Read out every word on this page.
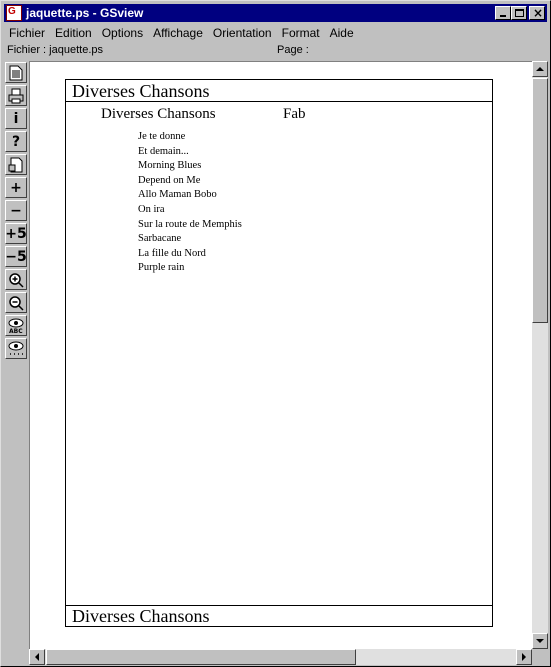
G jaquette.ps - GSview	×
Fichier Edition Options Affichage Orientation Format Aide
Fichier : jaquette.ps	Page :
i
?
+
−
+5
−5
ABC
Diverses Chansons
Diverses Chansons	Fab
Je te donne
Et demain...
Morning Blues
Depend on Me
Allo Maman Bobo
On ira
Sur la route de Memphis
Sarbacane
La fille du Nord
Purple rain
Diverses Chansons
